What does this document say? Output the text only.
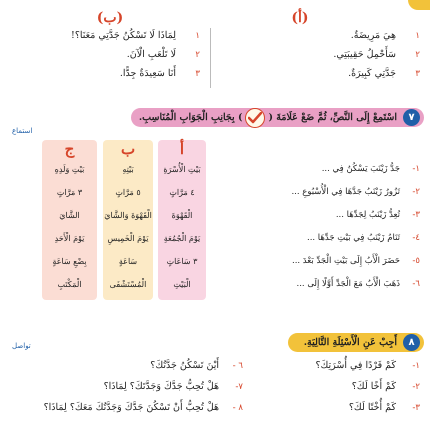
(أ)
(ب)
١
هِيَ مَرِيضَةٌ.
٢
سَأَحْمِلُ حَقِيبَتِي.
٣
جَدَّتِي كَبِيرَةٌ.
١
لِمَاذَا لَا تَسْكُنُ جَدَّتِي مَعَنَا؟!
٢
لَا تَلْعَبِ الْآنَ.
٣
أَنَا سَعِيدَةٌ جِدًّا.
٧
اسْتَمِعْ إِلَى النَّصِّ، ثُمَّ ضَعْ عَلَامَةَ (
) بِجَانِبِ الْجَوَابِ الْمُنَاسِبِ.
استماع
أ
ب
ج
١-
جَدُّ زَيْنَبَ يَسْكُنُ فِي ...
بَيْتِ الْأُسْرَةِ
بَيْتِهِ
بَيْتِ وَلَدِهِ
٢-
تَزُورُ زَيْنَبُ جَدَّهَا فِي الْأُسْبُوعِ ...
٤ مَرَّاتٍ
٥ مَرَّاتٍ
٣ مَرَّاتٍ
٣-
تُعِدُّ زَيْنَبُ لِجَدِّهَا ...
الْقَهْوَةَ
الْقَهْوَةَ وَالشَّايَ
الشَّايَ
٤-
تَنَامُ زَيْنَبُ فِي بَيْتِ جَدِّهَا ...
يَوْمَ الْجُمُعَةِ
يَوْمَ الْخَمِيسِ
يَوْمَ الْأَحَدِ
٥-
حَضَرَ الْأَبُ إِلَى بَيْتِ الْجَدِّ بَعْدَ ...
٣ سَاعَاتٍ
سَاعَةٍ
بِضْعِ سَاعَةٍ
٦-
ذَهَبَ الْأَبُ مَعَ الْجَدِّ أَوَّلًا إِلَى ...
الْبَيْتِ
الْمُسْتَشْفَى
الْمَكْتَبِ
٨
أَجِبْ عَنِ الْأَسْئِلَةِ التَّالِيَةِ.
تواصل
١-
كَمْ فَرْدًا فِي أُسْرَتِكَ؟
٢-
كَمْ أَخًا لَكَ؟
٣-
كَمْ أُخْتًا لَكَ؟
٦ -
أَيْنَ تَسْكُنُ جَدَّتُكَ؟
٧-
هَلْ تُحِبُّ جَدَّكَ وَجَدَّتَكَ؟ لِمَاذَا؟
٨ -
هَلْ تُحِبُّ أَنْ تَسْكُنَ جَدَّكَ وَجَدَّتُكَ مَعَكَ؟ لِمَاذَا؟
